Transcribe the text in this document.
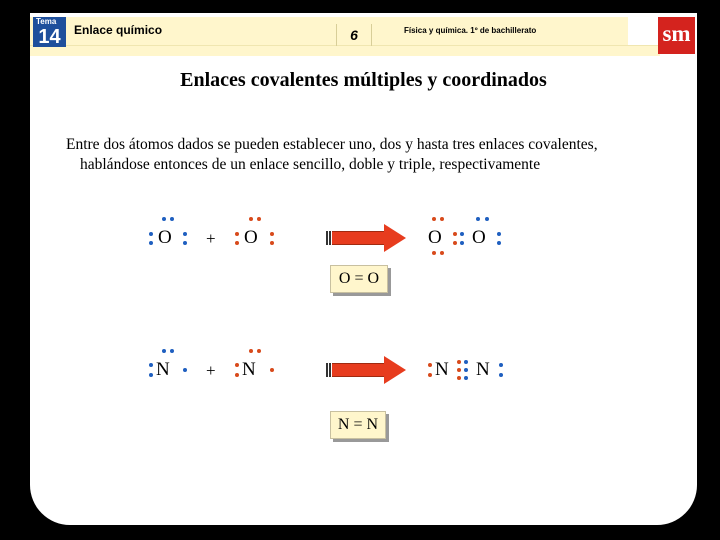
Tema
14	Enlace químico	6	Física y química. 1º de bachillerato	sm
Enlaces covalentes múltiples y coordinados
Entre dos átomos dados se pueden establecer uno, dos y hasta tres enlaces covalentes,
hablándose entonces de un enlace sencillo, doble y triple, respectivamente
O + O	O O
O = O
N + N	N N
N = N
